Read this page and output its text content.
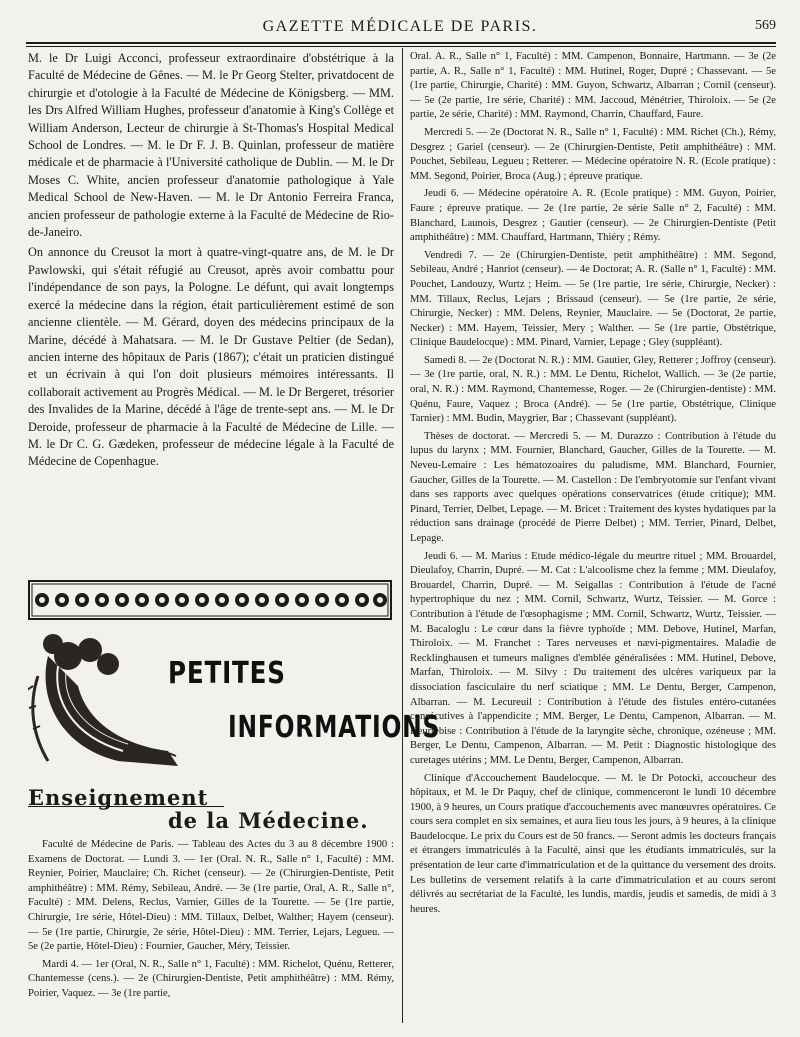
GAZETTE MÉDICALE DE PARIS.	569

M. le Dr Luigi Acconci, professeur extraordinaire d'obstétrique à la Faculté de Médecine de Gênes. — M. le Pr Georg Stelter, privatdocent de chirurgie et d'otologie à la Faculté de Médecine de Königsberg. — MM. les Drs Alfred William Hughes, professeur d'anatomie à King's Collège et William Anderson, Lecteur de chirurgie à St-Thomas's Hospital Medical School de Londres. — M. le Dr F. J. B. Quinlan, professeur de matière médicale et de pharmacie à l'Université catholique de Dublin. — M. le Dr Moses C. White, ancien professeur d'anatomie pathologique à Yale Medical School de New-Haven. — M. le Dr Antonio Ferreira Franca, ancien professeur de pathologie externe à la Faculté de Médecine de Rio-de-Janeiro.

On annonce du Creusot la mort à quatre-vingt-quatre ans, de M. le Dr Pawlowski, qui s'était réfugié au Creusot, après avoir combattu pour l'indépendance de son pays, la Pologne. Le défunt, qui avait longtemps exercé la médecine dans la région, était particulièrement estimé de son ancienne clientèle. — M. Gérard, doyen des médecins principaux de la Marine, décédé à Mahatsara. — M. le Dr Gustave Peltier (de Sedan), ancien interne des hôpitaux de Paris (1867); c'était un praticien distingué et un écrivain à qui l'on doit plusieurs mémoires intéressants. Il collaborait activement au Progrès Médical. — M. le Dr Bergeret, trésorier des Invalides de la Marine, décédé à l'âge de trente-sept ans. — M. le Dr Deroide, professeur de pharmacie à la Faculté de Médecine de Lille. — M. le Dr C. G. Gædeken, professeur de médecine légale à la Faculté de Médecine de Copenhague.

PETITES
INFORMATIONS
Enseignement
de la Médecine.

Faculté de Médecine de Paris. — Tableau des Actes du 3 au 8 décembre 1900 : Examens de Doctorat. — Lundi 3. — 1er (Oral. N. R., Salle n° 1, Faculté) : MM. Reynier, Poirier, Mauclaire; Ch. Richet (censeur). — 2e (Chirurgien-Dentiste, Petit amphithéâtre) : MM. Rémy, Sebileau, André. — 3e (1re partie, Oral, A. R., Salle n°, Faculté) : MM. Delens, Reclus, Varnier, Gilles de la Tourette. — 5e (1re partie, Chirurgie, 1re série, Hôtel-Dieu) : MM. Tillaux, Delbet, Walther; Hayem (censeur). — 5e (1re partie, Chirurgie, 2e série, Hôtel-Dieu) : MM. Terrier, Lejars, Legueu. — 5e (2e partie, Hôtel-Dieu) : Fournier, Gaucher, Méry, Teissier.

Mardi 4. — 1er (Oral, N. R., Salle n° 1, Faculté) : MM. Richelot, Quénu, Retterer, Chantemesse (cens.). — 2e (Chirurgien-Dentiste, Petit amphithéâtre) : MM. Rémy, Poirier, Vaquez. — 3e (1re partie,

Oral. A. R., Salle n° 1, Faculté) : MM. Campenon, Bonnaire, Hartmann. — 3e (2e partie, A. R., Salle n° 1, Faculté) : MM. Hutinel, Roger, Dupré ; Chassevant. — 5e (1re partie, Chirurgie, Charité) : MM. Guyon, Schwartz, Albarran ; Cornil (censeur). — 5e (2e partie, 1re série, Charité) : MM. Jaccoud, Ménétrier, Thiroloix. — 5e (2e partie, 2e série, Charité) : MM. Raymond, Charrin, Chauffard, Faure.

Mercredi 5. — 2e (Doctorat N. R., Salle n° 1, Faculté) : MM. Richet (Ch.), Rémy, Desgrez ; Gariel (censeur). — 2e (Chirurgien-Dentiste, Petit amphithéâtre) : MM. Pouchet, Sebileau, Legueu ; Retterer. — Médecine opératoire N. R. (Ecole pratique) : MM. Segond, Poirier, Broca (Aug.) ; épreuve pratique.

Jeudi 6. — Médecine opératoire A. R. (Ecole pratique) : MM. Guyon, Poirier, Faure ; épreuve pratique. — 2e (1re partie, 2e série Salle n° 2, Faculté) : MM. Blanchard, Launois, Desgrez ; Gautier (censeur). — 2e Chirurgien-Dentiste (Petit amphithéâtre) : MM. Chauffard, Hartmann, Thiéry ; Rémy.

Vendredi 7. — 2e (Chirurgien-Dentiste, petit amphithéâtre) : MM. Segond, Sebileau, André ; Hanriot (censeur). — 4e Doctorat; A. R. (Salle n° 1, Faculté) : MM. Pouchet, Landouzy, Wurtz ; Heim. — 5e (1re partie, 1re série, Chirurgie, Necker) : MM. Tillaux, Reclus, Lejars ; Brissaud (censeur). — 5e (1re partie, 2e série, Chirurgie, Necker) : MM. Delens, Reynier, Mauclaire. — 5e (Doctorat, 2e partie, Necker) : MM. Hayem, Teissier, Mery ; Walther. — 5e (1re partie, Obstétrique, Clinique Baudelocque) : MM. Pinard, Varnier, Lepage ; Gley (suppléant).

Samedi 8. — 2e (Doctorat N. R.) : MM. Gautier, Gley, Retterer ; Joffroy (censeur). — 3e (1re partie, oral, N. R.) : MM. Le Dentu, Richelot, Wallich. — 3e (2e partie, oral, N. R.) : MM. Raymond, Chantemesse, Roger. — 2e (Chirurgien-dentiste) : MM. Quénu, Faure, Vaquez ; Broca (André). — 5e (1re partie, Obstétrique, Clinique Tarnier) : MM. Budin, Maygrier, Bar ; Chassevant (suppléant).

Thèses de doctorat. — Mercredi 5. — M. Durazzo : Contribution à l'étude du lupus du larynx ; MM. Fournier, Blanchard, Gaucher, Gilles de la Tourette. — M. Neveu-Lemaire : Les hématozoaires du paludisme, MM. Blanchard, Fournier, Gaucher, Gilles de la Tourette. — M. Castellon : De l'embryotomie sur l'enfant vivant dans ses rapports avec quelques opérations conservatrices (étude critique); MM. Pinard, Terrier, Delbet, Lepage. — M. Bricet : Traitement des kystes hydatiques par la réduction sans drainage (procédé de Pierre Delbet) ; MM. Terrier, Pinard, Delbet, Lepage.

Jeudi 6. — M. Marius : Etude médico-légale du meurtre rituel ; MM. Brouardel, Dieulafoy, Charrin, Dupré. — M. Cat : L'alcoolisme chez la femme ; MM. Dieulafoy, Brouardel, Charrin, Dupré. — M. Seigallas : Contribution à l'étude de l'acné hypertrophique du nez ; MM. Cornil, Schwartz, Wurtz, Teissier. — M. Gorce : Contribution à l'étude de l'œsophagisme ; MM. Cornil, Schwartz, Wurtz, Teissier. — M. Bacaloglu : Le cœur dans la fièvre typhoïde ; MM. Debove, Hutinel, Marfan, Thiroloix. — M. Franchet : Tares nerveuses et nævi-pigmentaires. Maladie de Recklinghausen et tumeurs malignes d'emblée généralisées : MM. Hutinel, Debove, Marfan, Thiroloix. — M. Silvy : Du traitement des ulcères variqueux par la dissociation fasciculaire du nerf sciatique ; MM. Le Dentu, Berger, Campenon, Albarran. — M. Lecureuil : Contribution à l'étude des fistules entéro-cutanées consécutives à l'appendicite ; MM. Berger, Le Dentu, Campenon, Albarran. — M. Heurtebise : Contribution à l'étude de la laryngite sèche, chronique, ozéneuse ; MM. Berger, Le Dentu, Campenon, Albarran. — M. Petit : Diagnostic histologique des curetages utérins ; MM. Le Dentu, Berger, Campenon, Albarran.

Clinique d'Accouchement Baudelocque. — M. le Dr Potocki, accoucheur des hôpitaux, et M. le Dr Paquy, chef de clinique, commenceront le lundi 10 décembre 1900, à 9 heures, un Cours pratique d'accouchements avec manœuvres opératoires. Ce cours sera complet en six semaines, et aura lieu tous les jours, à 9 heures, à la clinique Baudelocque. Le prix du Cours est de 50 francs. — Seront admis les docteurs français et étrangers immatriculés à la Faculté, ainsi que les étudiants immatriculés, sur la présentation de leur carte d'immatriculation et de la quittance du versement des droits. Les bulletins de versement relatifs à la carte d'immatriculation et au cours seront délivrés au secrétariat de la Faculté, les lundis, mardis, jeudis et samedis, de midi à 3 heures.
